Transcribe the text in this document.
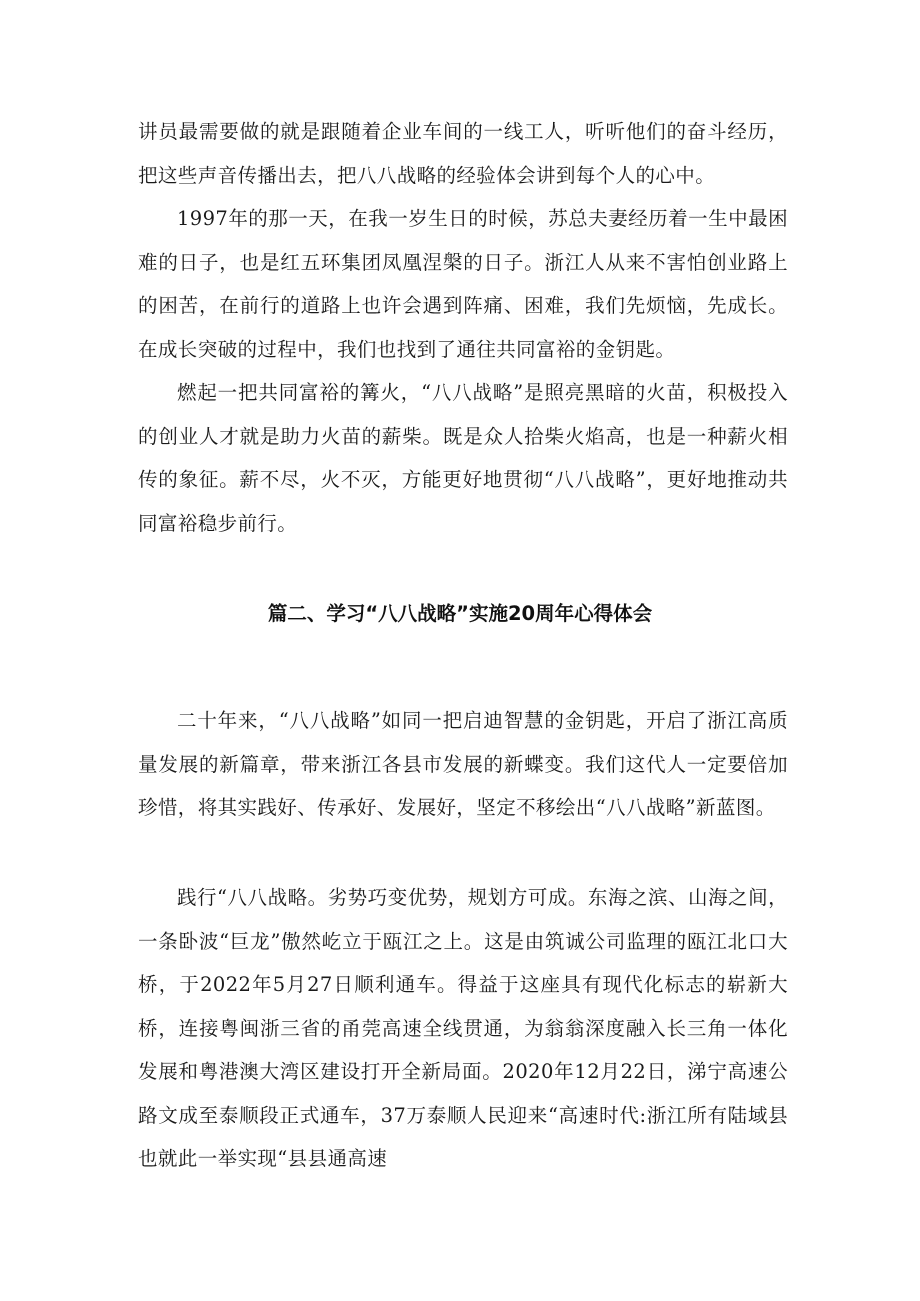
讲员最需要做的就是跟随着企业车间的一线工人，听听他们的奋斗经历，把这些声音传播出去，把八八战略的经验体会讲到每个人的心中。

1997年的那一天，在我一岁生日的时候，苏总夫妻经历着一生中最困难的日子，也是红五环集团凤凰涅槃的日子。浙江人从来不害怕创业路上的困苦，在前行的道路上也许会遇到阵痛、困难，我们先烦恼，先成长。在成长突破的过程中，我们也找到了通往共同富裕的金钥匙。

燃起一把共同富裕的篝火，“八八战略”是照亮黑暗的火苗，积极投入的创业人才就是助力火苗的薪柴。既是众人拾柴火焰高，也是一种薪火相传的象征。薪不尽，火不灭，方能更好地贯彻“八八战略”，更好地推动共同富裕稳步前行。

篇二、学习“八八战略”实施20周年心得体会

二十年来，“八八战略”如同一把启迪智慧的金钥匙，开启了浙江高质量发展的新篇章，带来浙江各县市发展的新蝶变。我们这代人一定要倍加珍惜，将其实践好、传承好、发展好，坚定不移绘出“八八战略”新蓝图。

践行“八八战略。劣势巧变优势，规划方可成。东海之滨、山海之间，一条卧波“巨龙”傲然屹立于瓯江之上。这是由筑诚公司监理的瓯江北口大桥，于2022年5月27日顺利通车。得益于这座具有现代化标志的崭新大桥，连接粤闽浙三省的甬莞高速全线贯通，为翁翁深度融入长三角一体化发展和粤港澳大湾区建设打开全新局面。2020年12月22日，涕宁高速公路文成至泰顺段正式通车，37万泰顺人民迎来“高速时代:浙江所有陆域县也就此一举实现“县县通高速
